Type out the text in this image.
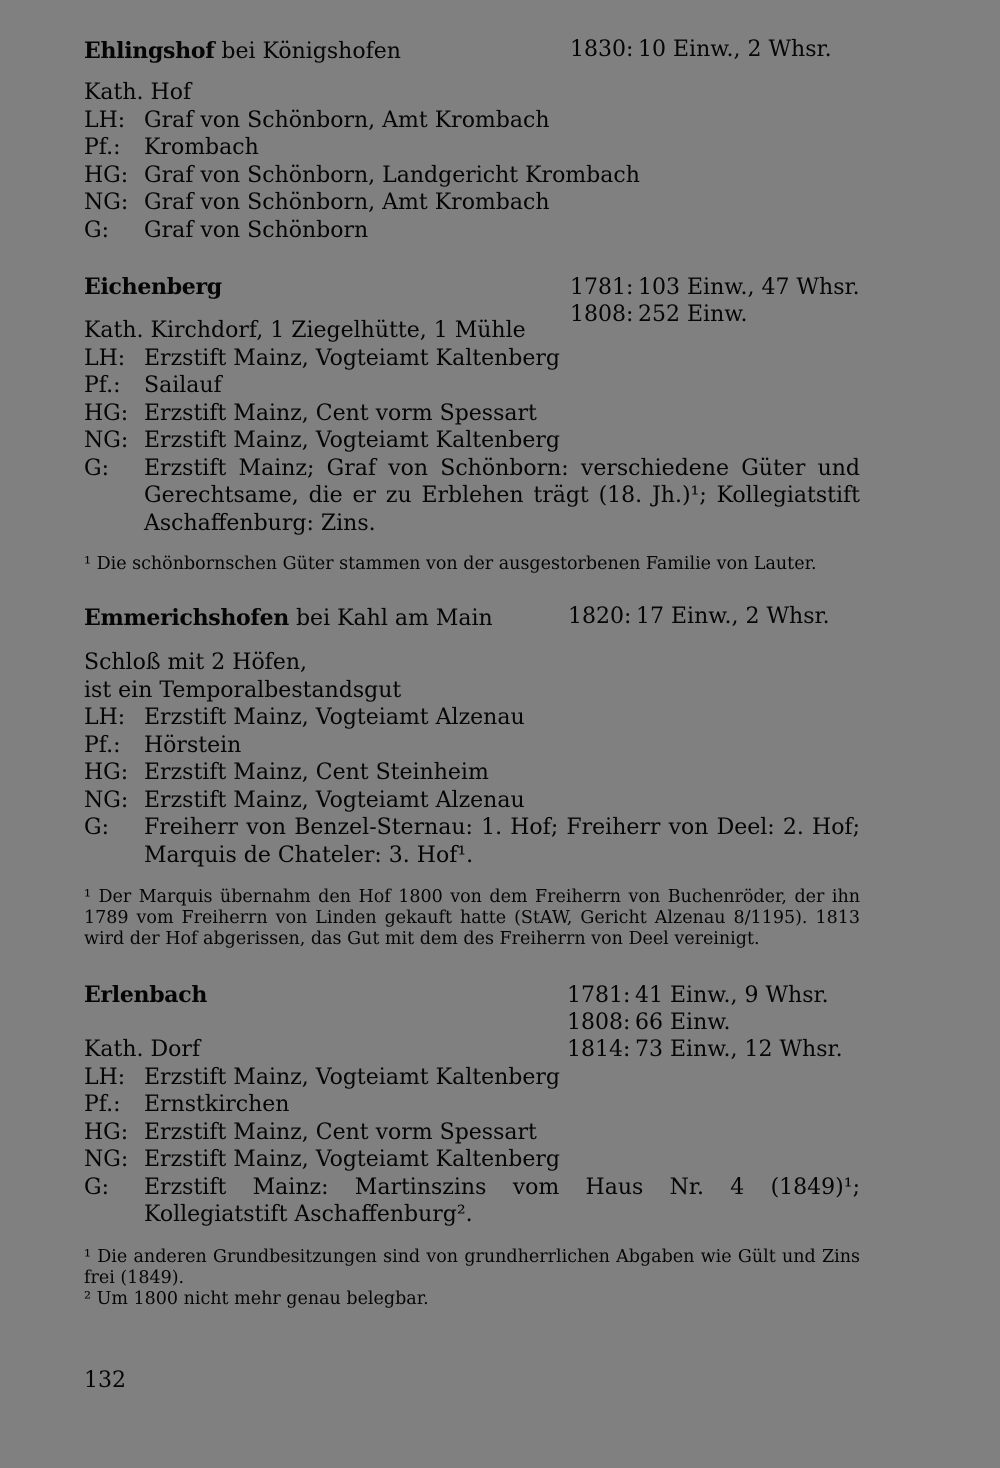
Ehlingshof bei Königshofen	1830: 10 Einw., 2 Whsr.
Kath. Hof
LH: Graf von Schönborn, Amt Krombach
Pf.:	Krombach
HG: Graf von Schönborn, Landgericht Krombach
NG: Graf von Schönborn, Amt Krombach
G:	Graf von Schönborn
Eichenberg	1781: 103 Einw., 47 Whsr.
1808: 252 Einw.
Kath. Kirchdorf, 1 Ziegelhütte, 1 Mühle
LH: Erzstift Mainz, Vogteiamt Kaltenberg
Pf.:	Sailauf
HG: Erzstift Mainz, Cent vorm Spessart
NG: Erzstift Mainz, Vogteiamt Kaltenberg
G:	Erzstift Mainz; Graf von Schönborn: verschiedene Güter und Gerechtsame, die er zu Erblehen trägt (18. Jh.)¹; Kollegiatstift Aschaffenburg: Zins.
¹ Die schönbornschen Güter stammen von der ausgestorbenen Familie von Lauter.
Emmerichshofen bei Kahl am Main	1820: 17 Einw., 2 Whsr.
Schloß mit 2 Höfen,
ist ein Temporalbestandsgut
LH: Erzstift Mainz, Vogteiamt Alzenau
Pf.:	Hörstein
HG: Erzstift Mainz, Cent Steinheim
NG: Erzstift Mainz, Vogteiamt Alzenau
G:	Freiherr von Benzel-Sternau: 1. Hof; Freiherr von Deel: 2. Hof; Marquis de Chateler: 3. Hof¹.
¹ Der Marquis übernahm den Hof 1800 von dem Freiherrn von Buchenröder, der ihn 1789 vom Freiherrn von Linden gekauft hatte (StAW, Gericht Alzenau 8/1195). 1813 wird der Hof abgerissen, das Gut mit dem des Freiherrn von Deel vereinigt.
Erlenbach	1781: 41 Einw., 9 Whsr.
1808: 66 Einw.
1814: 73 Einw., 12 Whsr.
Kath. Dorf
LH: Erzstift Mainz, Vogteiamt Kaltenberg
Pf.:	Ernstkirchen
HG: Erzstift Mainz, Cent vorm Spessart
NG: Erzstift Mainz, Vogteiamt Kaltenberg
G:	Erzstift Mainz: Martinszins vom Haus Nr. 4 (1849)¹; Kollegiatstift Aschaffenburg².
¹ Die anderen Grundbesitzungen sind von grundherrlichen Abgaben wie Gült und Zins frei (1849).
² Um 1800 nicht mehr genau belegbar.
132
